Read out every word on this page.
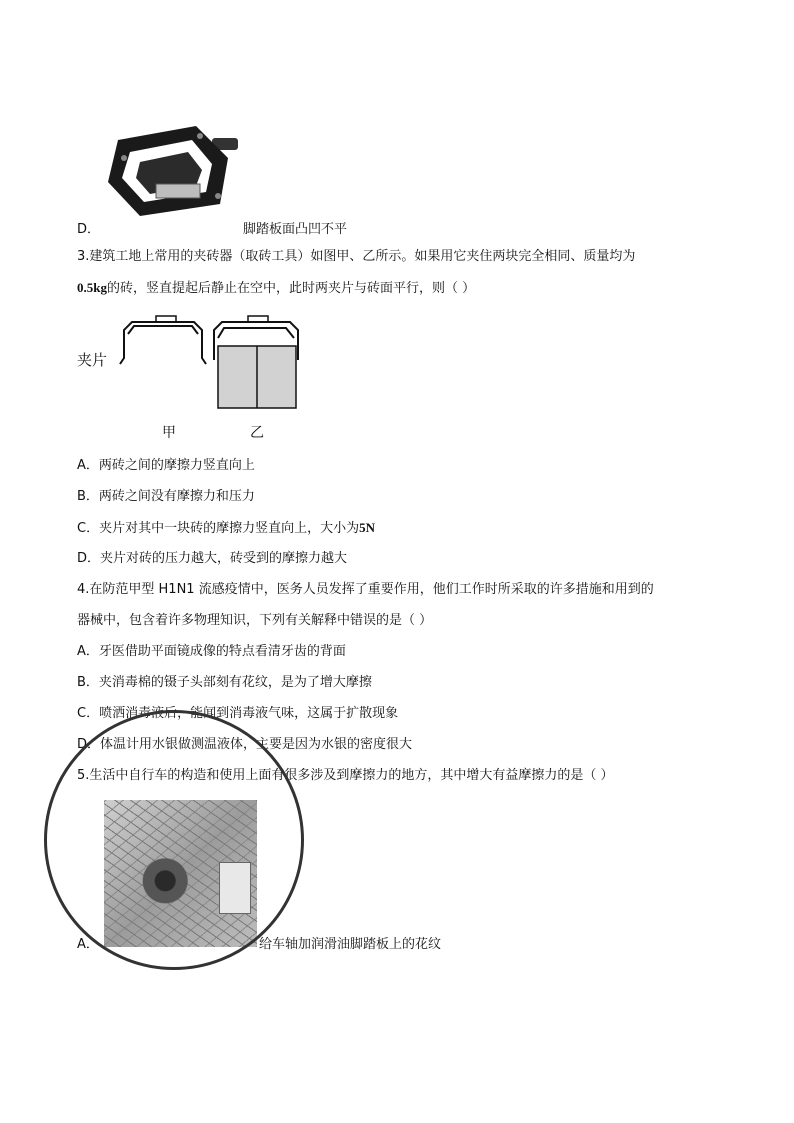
D．	脚踏板面凸凹不平
3.建筑工地上常用的夹砖器（取砖工具）如图甲、乙所示。如果用它夹住两块完全相同、质量均为
0.5kg的砖，竖直提起后静止在空中，此时两夹片与砖面平行，则（ ）
夹片
甲	乙
A．两砖之间的摩擦力竖直向上
B．两砖之间没有摩擦力和压力
C．夹片对其中一块砖的摩擦力竖直向上，大小为5N
D．夹片对砖的压力越大，砖受到的摩擦力越大
4.在防范甲型 H1N1 流感疫情中，医务人员发挥了重要作用，他们工作时所采取的许多措施和用到的
器械中，包含着许多物理知识，下列有关解释中错误的是（ ）
A．牙医借助平面镜成像的特点看清牙齿的背面
B．夹消毒棉的镊子头部刻有花纹，是为了增大摩擦
C．喷洒消毒液后，能闻到消毒液气味，这属于扩散现象
D．体温计用水银做测温液体，主要是因为水银的密度很大
5.生活中自行车的构造和使用上面有很多涉及到摩擦力的地方，其中增大有益摩擦力的是（ ）
A．	给车轴加润滑油脚踏板上的花纹
